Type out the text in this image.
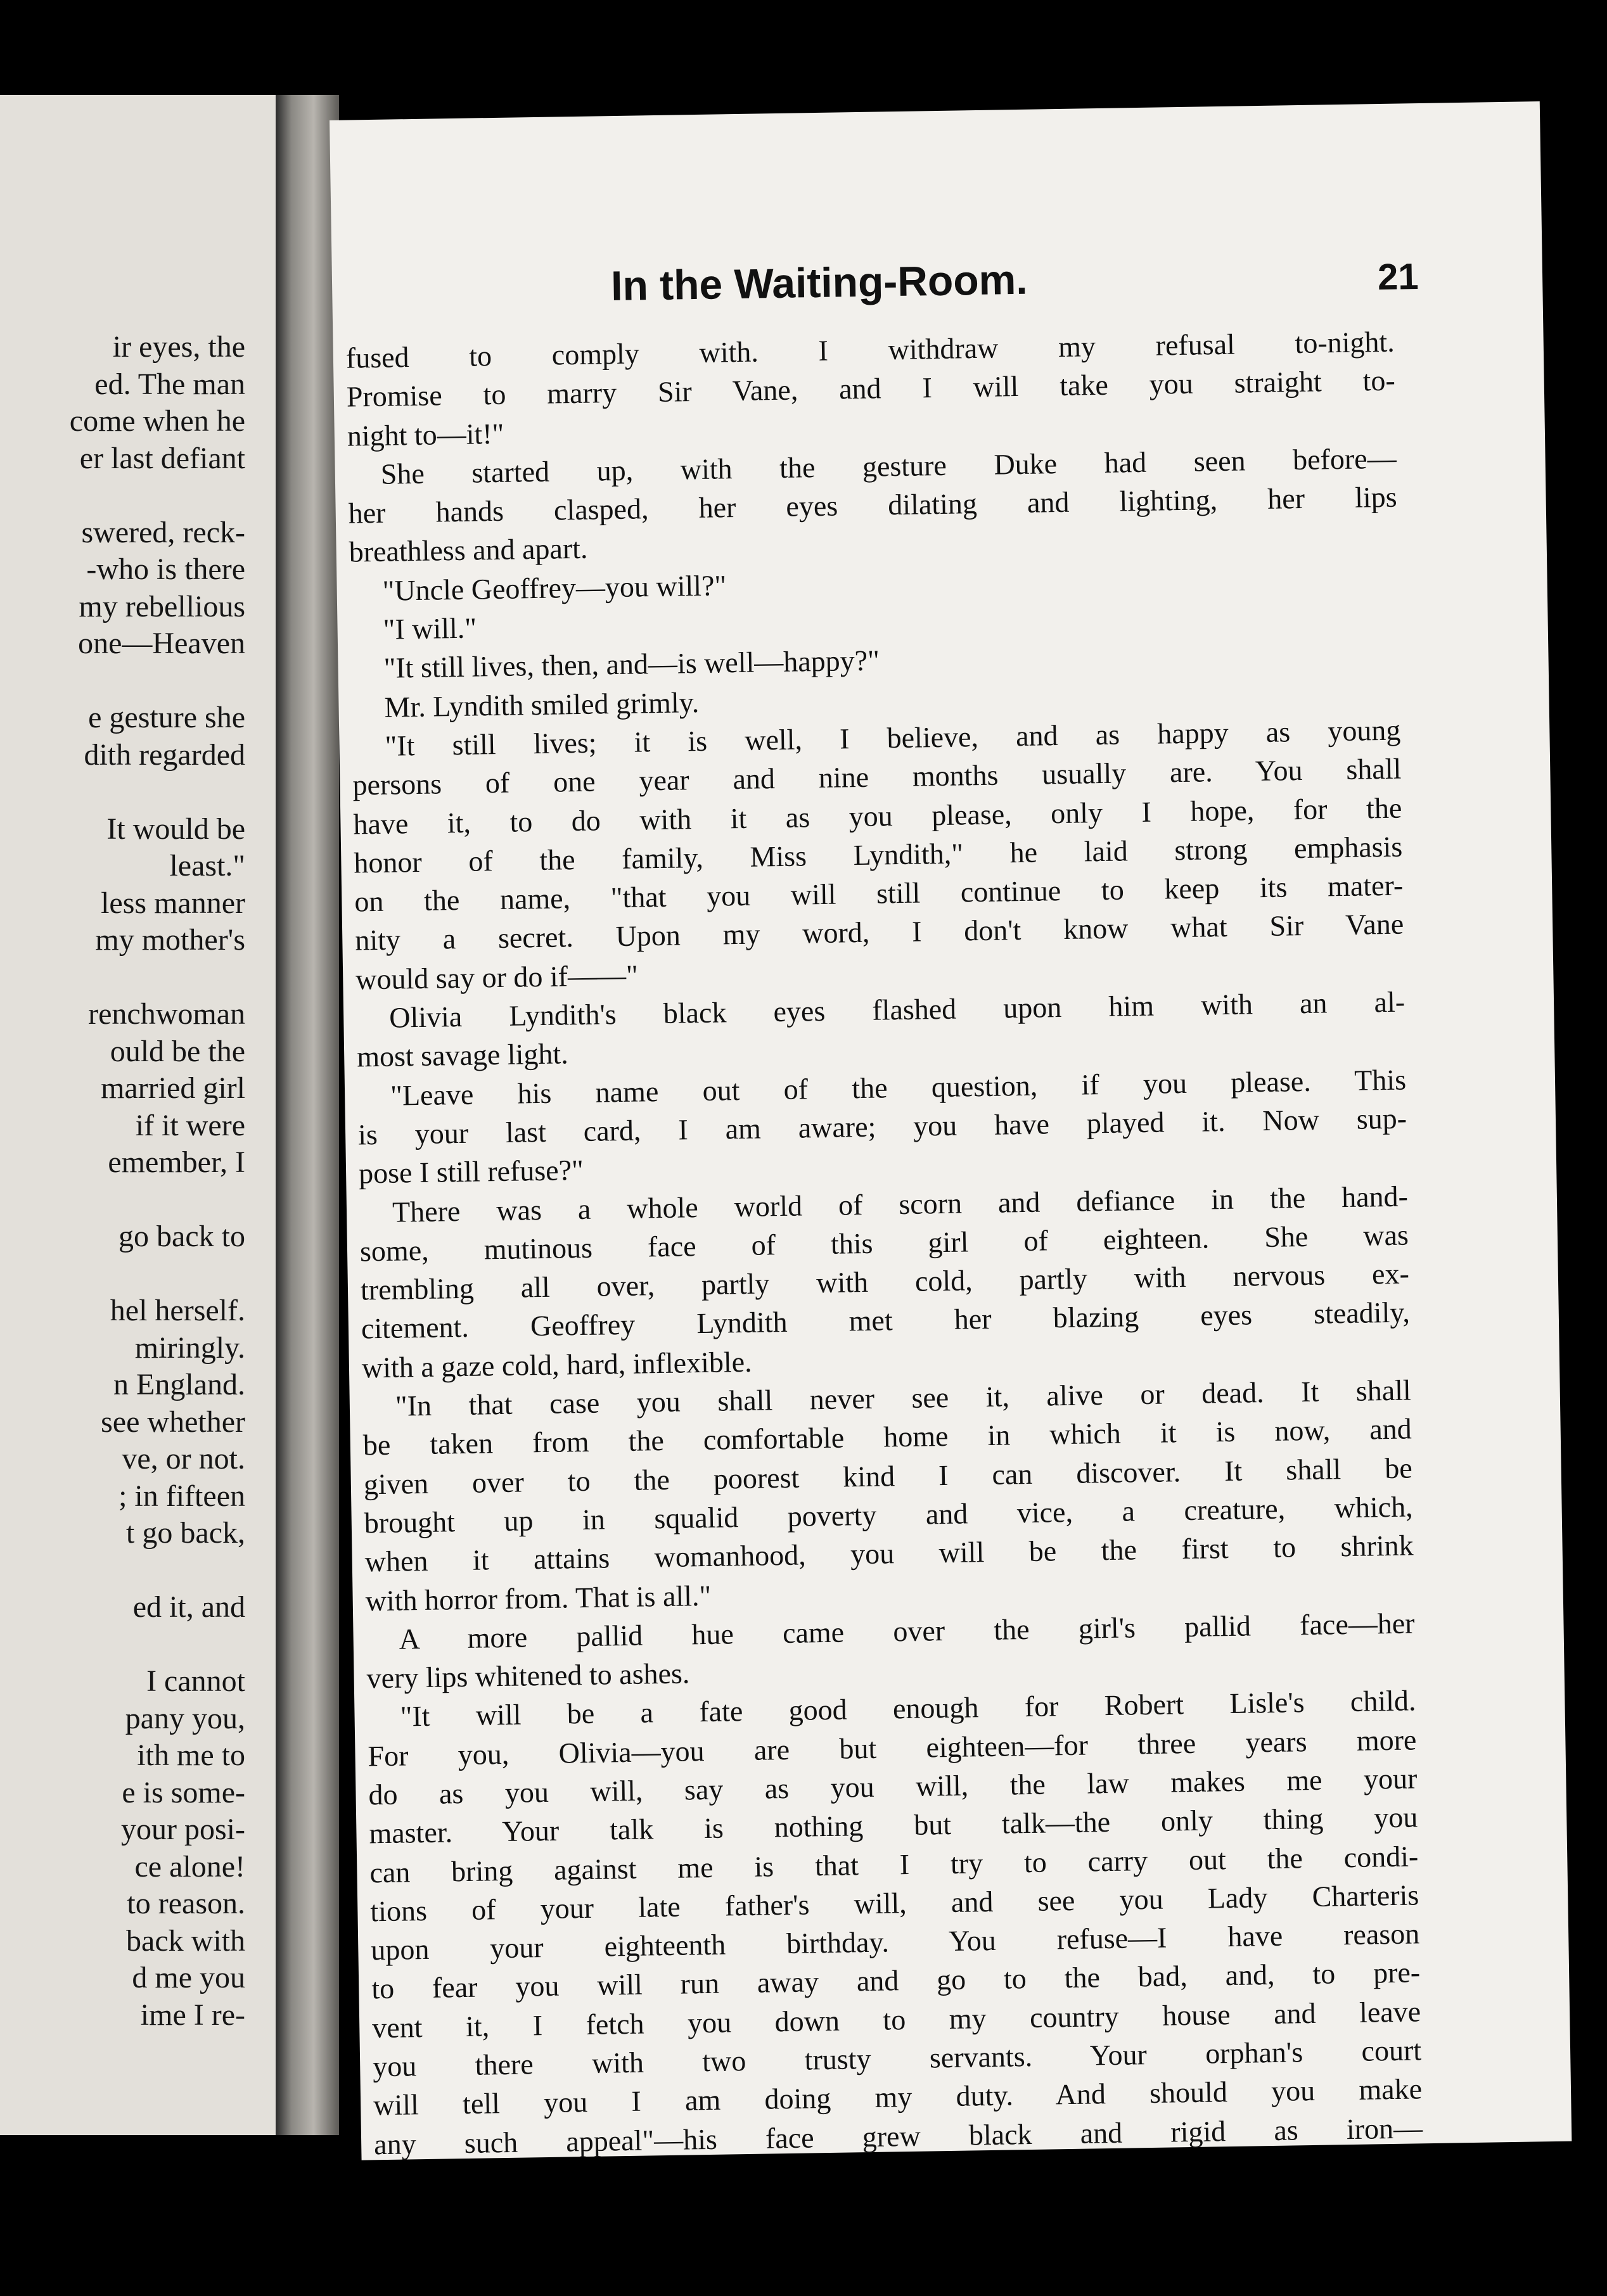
ir eyes, the
ed. The man
come when he
er last defiant
swered, reck-
-who is there
my rebellious
one—Heaven
e gesture she
dith regarded
It would be
least."
less manner
my mother's
renchwoman
ould be the
married girl
if it were
emember, I
go back to
hel herself.
miringly.
n England.
see whether
ve, or not.
; in fifteen
t go back,
ed it, and
I cannot
pany you,
ith me to
e is some-
your posi-
ce alone!
to reason.
back with
d me you
ime I re-
In the Waiting-Room.	21
fused to comply with. I withdraw my refusal to-night.
Promise to marry Sir Vane, and I will take you straight to-
night to—it!"
She started up, with the gesture Duke had seen before—
her hands clasped, her eyes dilating and lighting, her lips
breathless and apart.
"Uncle Geoffrey—you will?"
"I will."
"It still lives, then, and—is well—happy?"
Mr. Lyndith smiled grimly.
"It still lives; it is well, I believe, and as happy as young
persons of one year and nine months usually are. You shall
have it, to do with it as you please, only I hope, for the
honor of the family, Miss Lyndith," he laid strong emphasis
on the name, "that you will still continue to keep its mater-
nity a secret. Upon my word, I don't know what Sir Vane
would say or do if——"
Olivia Lyndith's black eyes flashed upon him with an al-
most savage light.
"Leave his name out of the question, if you please. This
is your last card, I am aware; you have played it. Now sup-
pose I still refuse?"
There was a whole world of scorn and defiance in the hand-
some, mutinous face of this girl of eighteen. She was
trembling all over, partly with cold, partly with nervous ex-
citement. Geoffrey Lyndith met her blazing eyes steadily,
with a gaze cold, hard, inflexible.
"In that case you shall never see it, alive or dead. It shall
be taken from the comfortable home in which it is now, and
given over to the poorest kind I can discover. It shall be
brought up in squalid poverty and vice, a creature, which,
when it attains womanhood, you will be the first to shrink
with horror from. That is all."
A more pallid hue came over the girl's pallid face—her
very lips whitened to ashes.
"It will be a fate good enough for Robert Lisle's child.
For you, Olivia—you are but eighteen—for three years more
do as you will, say as you will, the law makes me your
master. Your talk is nothing but talk—the only thing you
can bring against me is that I try to carry out the condi-
tions of your late father's will, and see you Lady Charteris
upon your eighteenth birthday. You refuse—I have reason
to fear you will run away and go to the bad, and, to pre-
vent it, I fetch you down to my country house and leave
you there with two trusty servants. Your orphan's court
will tell you I am doing my duty. And should you make
any such appeal"—his face grew black and rigid as iron—
